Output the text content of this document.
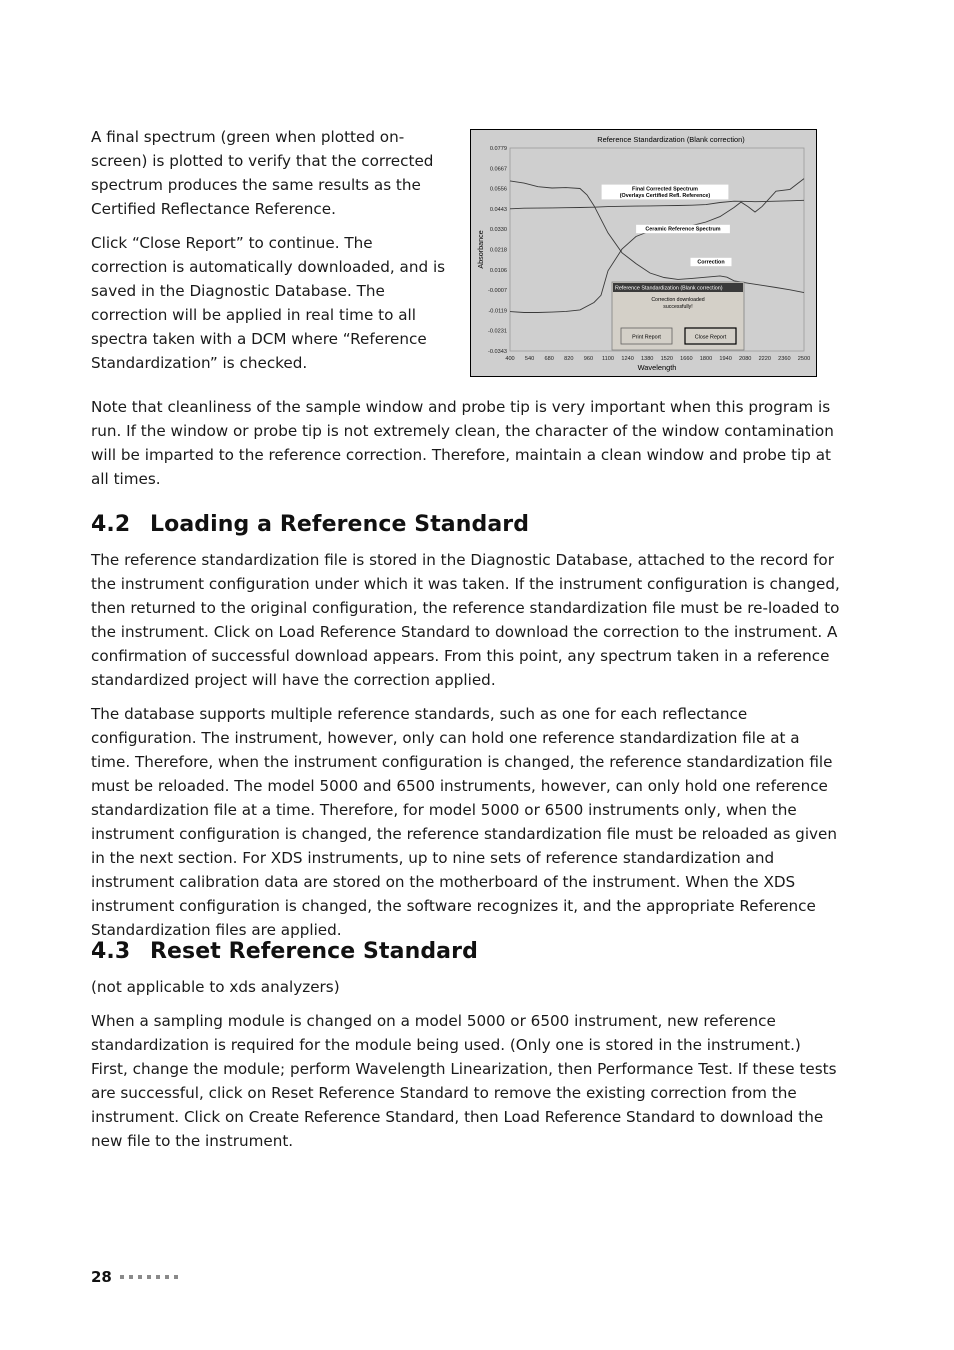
A final spectrum (green when plotted on-screen) is plotted to verify that the corrected spectrum produces the same results as the Certified Reflectance Reference.

Click “Close Report” to continue. The correction is automatically downloaded, and is saved in the Diagnostic Database. The correction will be applied in real time to all spectra taken with a DCM where “Reference Standardization” is checked.

Reference Standardization (Blank correction)
0.0779
0.0667
0.0556
0.0443
0.0330
0.0218
0.0106
-0.0007
-0.0119
-0.0231
-0.0343
400 540 680 820 960 1100 1240 1380 1520 1660 1800 1940 2080 2220 2360 2500
Wavelength
Absorbance
Final Corrected Spectrum
(Overlays Certified Refl. Reference)
Ceramic Reference Spectrum
Correction
Reference Standardization (Blank correction)
Correction downloaded
successfully!
Print Report	Close Report

Note that cleanliness of the sample window and probe tip is very important when this program is run. If the window or probe tip is not extremely clean, the character of the window contamination will be imparted to the reference correction. Therefore, maintain a clean window and probe tip at all times.

4.2 Loading a Reference Standard

The reference standardization file is stored in the Diagnostic Database, attached to the record for the instrument configuration under which it was taken. If the instrument configuration is changed, then returned to the original configuration, the reference standardization file must be re-loaded to the instrument. Click on Load Reference Standard to download the correction to the instrument. A confirmation of successful download appears. From this point, any spectrum taken in a reference standardized project will have the correction applied.

The database supports multiple reference standards, such as one for each reflectance configuration. The instrument, however, only can hold one reference standardization file at a time. Therefore, when the instrument configuration is changed, the reference standardization file must be reloaded. The model 5000 and 6500 instruments, however, can only hold one reference standardization file at a time. Therefore, for model 5000 or 6500 instruments only, when the instrument configuration is changed, the reference standardization file must be reloaded as given in the next section. For XDS instruments, up to nine sets of reference standardization and instrument calibration data are stored on the motherboard of the instrument. When the XDS instrument configuration is changed, the software recognizes it, and the appropriate Reference Standardization files are applied.

4.3 Reset Reference Standard

(not applicable to xds analyzers)

When a sampling module is changed on a model 5000 or 6500 instrument, new reference standardization is required for the module being used. (Only one is stored in the instrument.) First, change the module; perform Wavelength Linearization, then Performance Test. If these tests are successful, click on Reset Reference Standard to remove the existing correction from the instrument. Click on Create Reference Standard, then Load Reference Standard to download the new file to the instrument.

28
